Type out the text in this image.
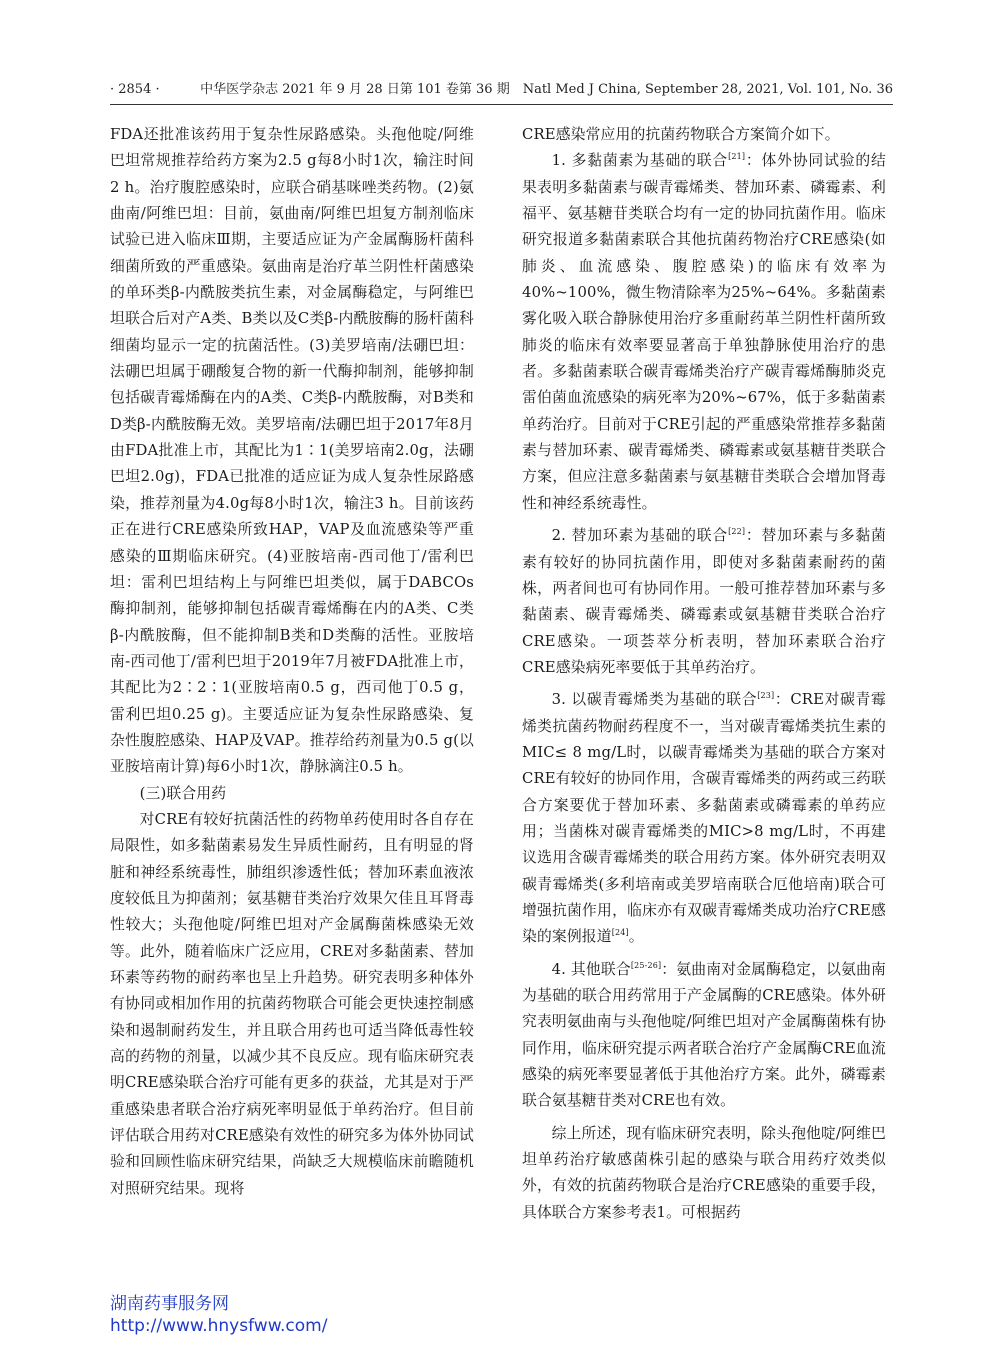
· 2854 ·	中华医学杂志 2021 年 9 月 28 日第 101 卷第 36 期　Natl Med J China, September 28, 2021, Vol. 101, No. 36

FDA还批准该药用于复杂性尿路感染。头孢他啶/阿维巴坦常规推荐给药方案为2.5 g每8小时1次，输注时间2 h。治疗腹腔感染时，应联合硝基咪唑类药物。(2)氨曲南/阿维巴坦：目前，氨曲南/阿维巴坦复方制剂临床试验已进入临床Ⅲ期，主要适应证为产金属酶肠杆菌科细菌所致的严重感染。氨曲南是治疗革兰阴性杆菌感染的单环类β-内酰胺类抗生素，对金属酶稳定，与阿维巴坦联合后对产A类、B类以及C类β-内酰胺酶的肠杆菌科细菌均显示一定的抗菌活性。(3)美罗培南/法硼巴坦：法硼巴坦属于硼酸复合物的新一代酶抑制剂，能够抑制包括碳青霉烯酶在内的A类、C类β-内酰胺酶，对B类和D类β-内酰胺酶无效。美罗培南/法硼巴坦于2017年8月由FDA批准上市，其配比为1∶1(美罗培南2.0g，法硼巴坦2.0g)，FDA已批准的适应证为成人复杂性尿路感染，推荐剂量为4.0g每8小时1次，输注3 h。目前该药正在进行CRE感染所致HAP，VAP及血流感染等严重感染的Ⅲ期临床研究。(4)亚胺培南-西司他丁/雷利巴坦：雷利巴坦结构上与阿维巴坦类似，属于DABCOs酶抑制剂，能够抑制包括碳青霉烯酶在内的A类、C类β-内酰胺酶，但不能抑制B类和D类酶的活性。亚胺培南-西司他丁/雷利巴坦于2019年7月被FDA批准上市，其配比为2∶2∶1(亚胺培南0.5 g，西司他丁0.5 g，雷利巴坦0.25 g)。主要适应证为复杂性尿路感染、复杂性腹腔感染、HAP及VAP。推荐给药剂量为0.5 g(以亚胺培南计算)每6小时1次，静脉滴注0.5 h。

(三)联合用药

对CRE有较好抗菌活性的药物单药使用时各自存在局限性，如多黏菌素易发生异质性耐药，且有明显的肾脏和神经系统毒性，肺组织渗透性低；替加环素血液浓度较低且为抑菌剂；氨基糖苷类治疗效果欠佳且耳肾毒性较大；头孢他啶/阿维巴坦对产金属酶菌株感染无效等。此外，随着临床广泛应用，CRE对多黏菌素、替加环素等药物的耐药率也呈上升趋势。研究表明多种体外有协同或相加作用的抗菌药物联合可能会更快速控制感染和遏制耐药发生，并且联合用药也可适当降低毒性较高的药物的剂量，以减少其不良反应。现有临床研究表明CRE感染联合治疗可能有更多的获益，尤其是对于严重感染患者联合治疗病死率明显低于单药治疗。但目前评估联合用药对CRE感染有效性的研究多为体外协同试验和回顾性临床研究结果，尚缺乏大规模临床前瞻随机对照研究结果。现将

CRE感染常应用的抗菌药物联合方案简介如下。

1. 多黏菌素为基础的联合[21]：体外协同试验的结果表明多黏菌素与碳青霉烯类、替加环素、磷霉素、利福平、氨基糖苷类联合均有一定的协同抗菌作用。临床研究报道多黏菌素联合其他抗菌药物治疗CRE感染(如肺炎、血流感染、腹腔感染)的临床有效率为40%~100%，微生物清除率为25%~64%。多黏菌素雾化吸入联合静脉使用治疗多重耐药革兰阴性杆菌所致肺炎的临床有效率要显著高于单独静脉使用治疗的患者。多黏菌素联合碳青霉烯类治疗产碳青霉烯酶肺炎克雷伯菌血流感染的病死率为20%~67%，低于多黏菌素单药治疗。目前对于CRE引起的严重感染常推荐多黏菌素与替加环素、碳青霉烯类、磷霉素或氨基糖苷类联合方案，但应注意多黏菌素与氨基糖苷类联合会增加肾毒性和神经系统毒性。

2. 替加环素为基础的联合[22]：替加环素与多黏菌素有较好的协同抗菌作用，即使对多黏菌素耐药的菌株，两者间也可有协同作用。一般可推荐替加环素与多黏菌素、碳青霉烯类、磷霉素或氨基糖苷类联合治疗CRE感染。一项荟萃分析表明，替加环素联合治疗CRE感染病死率要低于其单药治疗。

3. 以碳青霉烯类为基础的联合[23]：CRE对碳青霉烯类抗菌药物耐药程度不一，当对碳青霉烯类抗生素的MIC≤ 8 mg/L时，以碳青霉烯类为基础的联合方案对CRE有较好的协同作用，含碳青霉烯类的两药或三药联合方案要优于替加环素、多黏菌素或磷霉素的单药应用；当菌株对碳青霉烯类的MIC>8 mg/L时，不再建议选用含碳青霉烯类的联合用药方案。体外研究表明双碳青霉烯类(多利培南或美罗培南联合厄他培南)联合可增强抗菌作用，临床亦有双碳青霉烯类成功治疗CRE感染的案例报道[24]。

4. 其他联合[25-26]：氨曲南对金属酶稳定，以氨曲南为基础的联合用药常用于产金属酶的CRE感染。体外研究表明氨曲南与头孢他啶/阿维巴坦对产金属酶菌株有协同作用，临床研究提示两者联合治疗产金属酶CRE血流感染的病死率要显著低于其他治疗方案。此外，磷霉素联合氨基糖苷类对CRE也有效。

综上所述，现有临床研究表明，除头孢他啶/阿维巴坦单药治疗敏感菌株引起的感染与联合用药疗效类似外，有效的抗菌药物联合是治疗CRE感染的重要手段，具体联合方案参考表1。可根据药

湖南药事服务网
http://www.hnysfww.com/
